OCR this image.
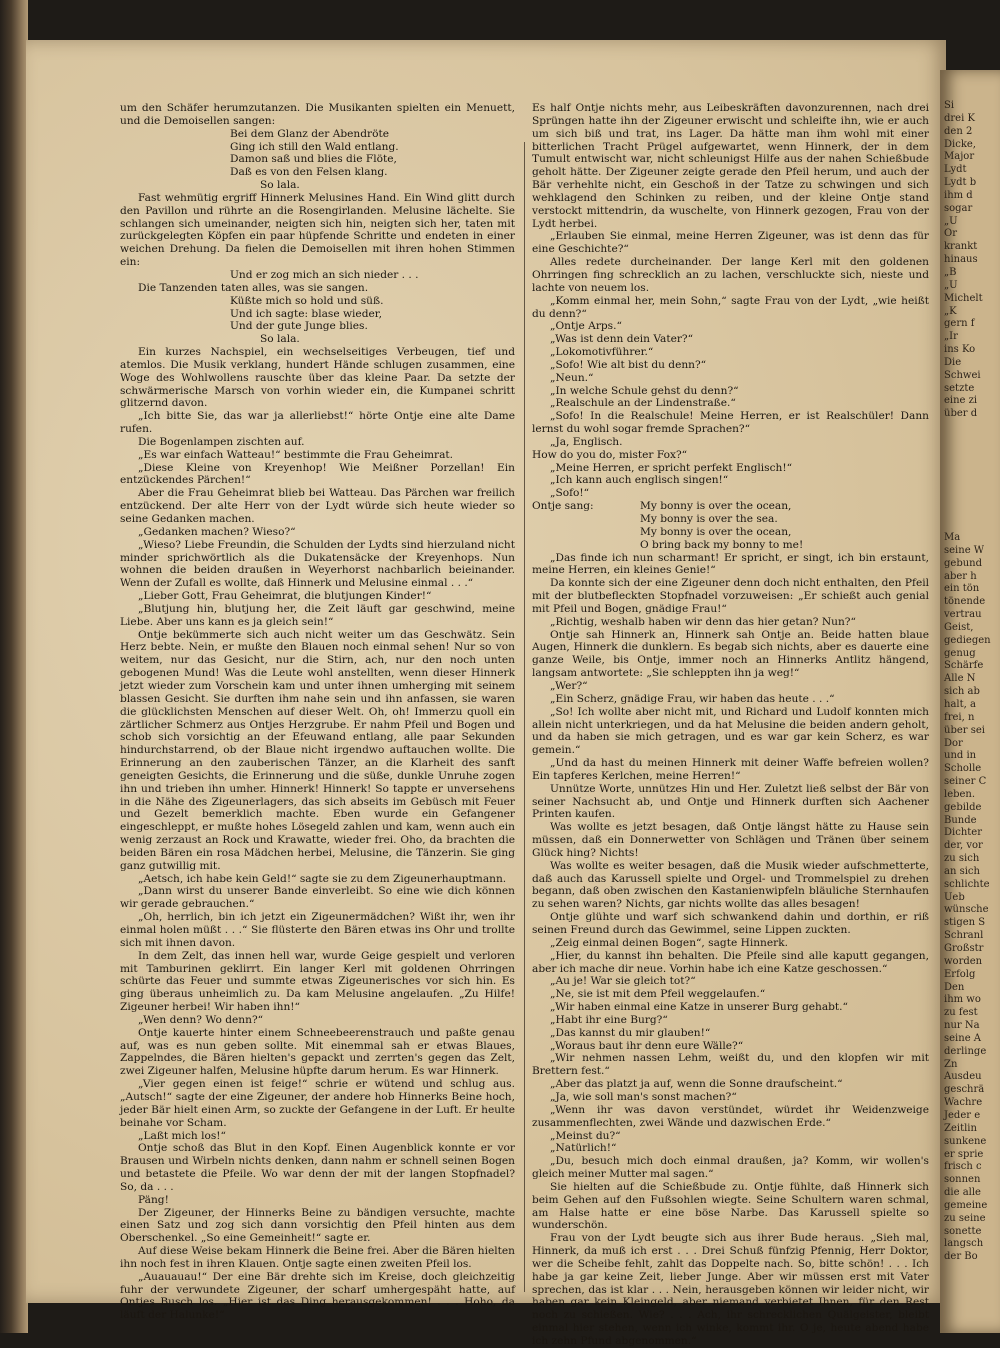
um den Schäfer herumzutanzen. Die Musikanten spielten ein Menuett, und die Demoisellen sangen:

Bei dem Glanz der Abendröte
Ging ich still den Wald entlang.
Damon saß und blies die Flöte,
Daß es von den Felsen klang.

So lala.

Fast wehmütig ergriff Hinnerk Melusines Hand. Ein Wind glitt durch den Pavillon und rührte an die Rosengirlanden. Melusine lächelte. Sie schlangen sich umeinander, neigten sich hin, neigten sich her, taten mit zurückgelegten Köpfen ein paar hüpfende Schritte und endeten in einer weichen Drehung. Da fielen die Demoisellen mit ihren hohen Stimmen ein:

Und er zog mich an sich nieder . . .

Die Tanzenden taten alles, was sie sangen.

Küßte mich so hold und süß.
Und ich sagte: blase wieder,
Und der gute Junge blies.

So lala.

Ein kurzes Nachspiel, ein wechselseitiges Verbeugen, tief und atemlos. Die Musik verklang, hundert Hände schlugen zusammen, eine Woge des Wohlwollens rauschte über das kleine Paar. Da setzte der schwärmerische Marsch von vorhin wieder ein, die Kumpanei schritt glitzernd davon.

„Ich bitte Sie, das war ja allerliebst!“ hörte Ontje eine alte Dame rufen.

Die Bogenlampen zischten auf.

„Es war einfach Watteau!“ bestimmte die Frau Geheimrat.

„Diese Kleine von Kreyenhop! Wie Meißner Porzellan! Ein entzückendes Pärchen!“

Aber die Frau Geheimrat blieb bei Watteau. Das Pärchen war freilich entzückend. Der alte Herr von der Lydt würde sich heute wieder so seine Gedanken machen.

„Gedanken machen? Wieso?“

„Wieso? Liebe Freundin, die Schulden der Lydts sind hierzuland nicht minder sprichwörtlich als die Dukatensäcke der Kreyenhops. Nun wohnen die beiden draußen in Weyerhorst nachbarlich beieinander. Wenn der Zufall es wollte, daß Hinnerk und Melusine einmal . . .“

„Lieber Gott, Frau Geheimrat, die blutjungen Kinder!“

„Blutjung hin, blutjung her, die Zeit läuft gar geschwind, meine Liebe. Aber uns kann es ja gleich sein!“

Ontje bekümmerte sich auch nicht weiter um das Geschwätz. Sein Herz bebte. Nein, er mußte den Blauen noch einmal sehen! Nur so von weitem, nur das Gesicht, nur die Stirn, ach, nur den noch unten gebogenen Mund! Was die Leute wohl anstellten, wenn dieser Hinnerk jetzt wieder zum Vorschein kam und unter ihnen umherging mit seinem blassen Gesicht. Sie durften ihm nahe sein und ihn anfassen, sie waren die glücklichsten Menschen auf dieser Welt. Oh, oh! Immerzu quoll ein zärtlicher Schmerz aus Ontjes Herzgrube. Er nahm Pfeil und Bogen und schob sich vorsichtig an der Efeuwand entlang, alle paar Sekunden hindurchstarrend, ob der Blaue nicht irgendwo auftauchen wollte. Die Erinnerung an den zauberischen Tänzer, an die Klarheit des sanft geneigten Gesichts, die Erinnerung und die süße, dunkle Unruhe zogen ihn und trieben ihn umher. Hinnerk! Hinnerk! So tappte er unversehens in die Nähe des Zigeunerlagers, das sich abseits im Gebüsch mit Feuer und Gezelt bemerklich machte. Eben wurde ein Gefangener eingeschleppt, er mußte hohes Lösegeld zahlen und kam, wenn auch ein wenig zerzaust an Rock und Krawatte, wieder frei. Oho, da brachten die beiden Bären ein rosa Mädchen herbei, Melusine, die Tänzerin. Sie ging ganz gutwillig mit.

„Aetsch, ich habe kein Geld!“ sagte sie zu dem Zigeunerhauptmann.

„Dann wirst du unserer Bande einverleibt. So eine wie dich können wir gerade gebrauchen.“

„Oh, herrlich, bin ich jetzt ein Zigeunermädchen? Wißt ihr, wen ihr einmal holen müßt . . .“ Sie flüsterte den Bären etwas ins Ohr und trollte sich mit ihnen davon.

In dem Zelt, das innen hell war, wurde Geige gespielt und verloren mit Tamburinen geklirrt. Ein langer Kerl mit goldenen Ohrringen schürte das Feuer und summte etwas Zigeunerisches vor sich hin. Es ging überaus unheimlich zu. Da kam Melusine angelaufen. „Zu Hilfe! Zigeuner herbei! Wir haben ihn!“

„Wen denn? Wo denn?“

Ontje kauerte hinter einem Schneebeerenstrauch und paßte genau auf, was es nun geben sollte. Mit einemmal sah er etwas Blaues, Zappelndes, die Bären hielten's gepackt und zerrten's gegen das Zelt, zwei Zigeuner halfen, Melusine hüpfte darum herum. Es war Hinnerk.

„Vier gegen einen ist feige!“ schrie er wütend und schlug aus. „Autsch!“ sagte der eine Zigeuner, der andere hob Hinnerks Beine hoch, jeder Bär hielt einen Arm, so zuckte der Gefangene in der Luft. Er heulte beinahe vor Scham.

„Laßt mich los!“

Ontje schoß das Blut in den Kopf. Einen Augenblick konnte er vor Brausen und Wirbeln nichts denken, dann nahm er schnell seinen Bogen und betastete die Pfeile. Wo war denn der mit der langen Stopfnadel? So, da . . .

Päng!

Der Zigeuner, der Hinnerks Beine zu bändigen versuchte, machte einen Satz und zog sich dann vorsichtig den Pfeil hinten aus dem Oberschenkel. „So eine Gemeinheit!“ sagte er.

Auf diese Weise bekam Hinnerk die Beine frei. Aber die Bären hielten ihn noch fest in ihren Klauen. Ontje sagte einen zweiten Pfeil los.

„Auauauau!“ Der eine Bär drehte sich im Kreise, doch gleichzeitig fuhr der verwundete Zigeuner, der scharf umhergespäht hatte, auf Ontjes Busch los. „Hier ist das Ding herausgekommen! . . . Hoho, da läuft der Halunke!“

Es half Ontje nichts mehr, aus Leibeskräften davonzurennen, nach drei Sprüngen hatte ihn der Zigeuner erwischt und schleifte ihn, wie er auch um sich biß und trat, ins Lager. Da hätte man ihm wohl mit einer bitterlichen Tracht Prügel aufgewartet, wenn Hinnerk, der in dem Tumult entwischt war, nicht schleunigst Hilfe aus der nahen Schießbude geholt hätte. Der Zigeuner zeigte gerade den Pfeil herum, und auch der Bär verhehlte nicht, ein Geschoß in der Tatze zu schwingen und sich wehklagend den Schinken zu reiben, und der kleine Ontje stand verstockt mittendrin, da wuschelte, von Hinnerk gezogen, Frau von der Lydt herbei.

„Erlauben Sie einmal, meine Herren Zigeuner, was ist denn das für eine Geschichte?“

Alles redete durcheinander. Der lange Kerl mit den goldenen Ohrringen fing schrecklich an zu lachen, verschluckte sich, nieste und lachte von neuem los.

„Komm einmal her, mein Sohn,“ sagte Frau von der Lydt, „wie heißt du denn?“

„Ontje Arps.“

„Was ist denn dein Vater?“

„Lokomotivführer.“

„Sofo! Wie alt bist du denn?“

„Neun.“

„In welche Schule gehst du denn?“

„Realschule an der Lindenstraße.“

„Sofo! In die Realschule! Meine Herren, er ist Realschüler! Dann lernst du wohl sogar fremde Sprachen?“

„Ja, Englisch.

How do you do, mister Fox?“

„Meine Herren, er spricht perfekt Englisch!“

„Ich kann auch englisch singen!“

„Sofo!“

Ontje sang:	My bonny is over the ocean,
My bonny is over the sea.
My bonny is over the ocean,
O bring back my bonny to me!

„Das finde ich nun scharmant! Er spricht, er singt, ich bin erstaunt, meine Herren, ein kleines Genie!“

Da konnte sich der eine Zigeuner denn doch nicht enthalten, den Pfeil mit der blutbefleckten Stopfnadel vorzuweisen: „Er schießt auch genial mit Pfeil und Bogen, gnädige Frau!“

„Richtig, weshalb haben wir denn das hier getan? Nun?“

Ontje sah Hinnerk an, Hinnerk sah Ontje an. Beide hatten blaue Augen, Hinnerk die dunklern. Es begab sich nichts, aber es dauerte eine ganze Weile, bis Ontje, immer noch an Hinnerks Antlitz hängend, langsam antwortete: „Sie schleppten ihn ja weg!“

„Wer?“

„Ein Scherz, gnädige Frau, wir haben das heute . . .“

„So! Ich wollte aber nicht mit, und Richard und Ludolf konnten mich allein nicht unterkriegen, und da hat Melusine die beiden andern geholt, und da haben sie mich getragen, und es war gar kein Scherz, es war gemein.“

„Und da hast du meinen Hinnerk mit deiner Waffe befreien wollen? Ein tapferes Kerlchen, meine Herren!“

Unnütze Worte, unnützes Hin und Her. Zuletzt ließ selbst der Bär von seiner Nachsucht ab, und Ontje und Hinnerk durften sich Aachener Printen kaufen.

Was wollte es jetzt besagen, daß Ontje längst hätte zu Hause sein müssen, daß ein Donnerwetter von Schlägen und Tränen über seinem Glück hing? Nichts!

Was wollte es weiter besagen, daß die Musik wieder aufschmetterte, daß auch das Karussell spielte und Orgel- und Trommelspiel zu drehen begann, daß oben zwischen den Kastanienwipfeln bläuliche Sternhaufen zu sehen waren? Nichts, gar nichts wollte das alles besagen!

Ontje glühte und warf sich schwankend dahin und dorthin, er riß seinen Freund durch das Gewimmel, seine Lippen zuckten.

„Zeig einmal deinen Bogen“, sagte Hinnerk.

„Hier, du kannst ihn behalten. Die Pfeile sind alle kaputt gegangen, aber ich mache dir neue. Vorhin habe ich eine Katze geschossen.“

„Au je! War sie gleich tot?“

„Ne, sie ist mit dem Pfeil weggelaufen.“

„Wir haben einmal eine Katze in unserer Burg gehabt.“

„Habt ihr eine Burg?“

„Das kannst du mir glauben!“

„Woraus baut ihr denn eure Wälle?“

„Wir nehmen nassen Lehm, weißt du, und den klopfen wir mit Brettern fest.“

„Aber das platzt ja auf, wenn die Sonne draufscheint.“

„Ja, wie soll man's sonst machen?“

„Wenn ihr was davon verstündet, würdet ihr Weidenzweige zusammenflechten, zwei Wände und dazwischen Erde.“

„Meinst du?“

„Natürlich!“

„Du, besuch mich doch einmal draußen, ja? Komm, wir wollen's gleich meiner Mutter mal sagen.“

Sie hielten auf die Schießbude zu. Ontje fühlte, daß Hinnerk sich beim Gehen auf den Fußsohlen wiegte. Seine Schultern waren schmal, am Halse hatte er eine böse Narbe. Das Karussell spielte so wunderschön.

Frau von der Lydt beugte sich aus ihrer Bude heraus. „Sieh mal, Hinnerk, da muß ich erst . . . Drei Schuß fünfzig Pfennig, Herr Doktor, wer die Scheibe fehlt, zahlt das Doppelte nach. So, bitte schön! . . . Ich habe ja gar keine Zeit, lieber Junge. Aber wir müssen erst mit Vater sprechen, das ist klar . . . Nein, herausgeben können wir leider nicht, wir haben gar kein Kleingeld, aber niemand verbietet Ihnen, für den Rest noch zu schießen. Wie? . . . Ach, ihr schrecklichen Quälgeister, bleibt einmal hier stehen, wenn ich winke, kommt ihr. O je, heute abend habe ich zehn Pfund abgenommen.“

Si
drei K
den 2
Dicke,
Major
Lydt
Lydt b
ihm d
sogar
„U
Or
krankt
hinaus
„B
„U
Michelt
„K
gern f
„Ir
ins Ko
Die
Schwei
setzte
eine zi
über d
Ma
seine W
gebund
aber h
ein tön
tönende
vertrau
Geist,
gediegen
genug
Schärfe
Alle N
sich ab
halt, a
frei, n
über sei
Dor
und in
Scholle
seiner C
leben.
gebilde
Bunde
Dichter
der, vor
zu sich
an sich
schlichte
Ueb
wünsche
stigen S
Schranl
Großstr
worden
Erfolg
Den
ihm wo
zu fest
nur Na
seine A
derlinge
Zn
Ausdeu
geschrä
Wachre
Jeder e
Zeitlin
sunkene
er sprie
frisch c
sonnen
die alle
gemeine
zu seine
sonette
langsch
der Bo
